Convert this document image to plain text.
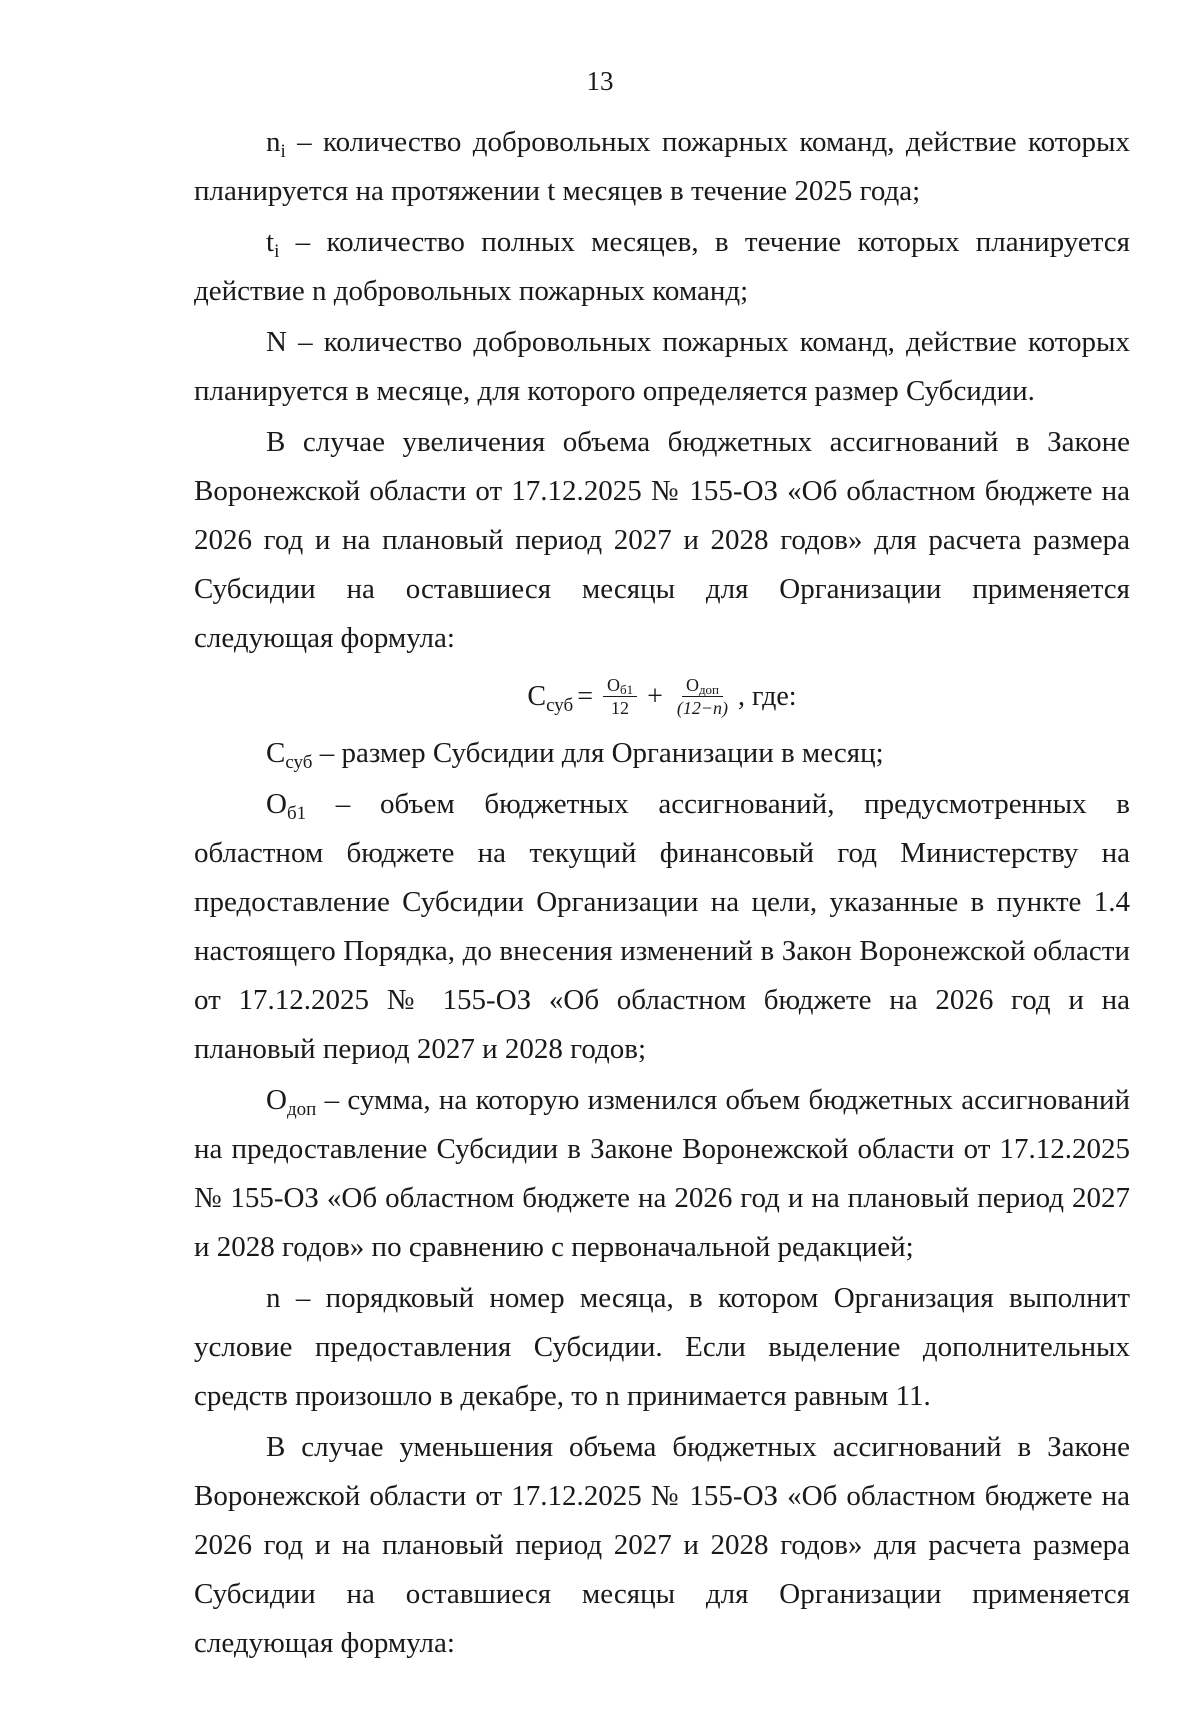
13

$n_i$ – количество добровольных пожарных команд, действие которых планируется на протяжении t месяцев в течение 2025 года;

$t_i$ – количество полных месяцев, в течение которых планируется действие n добровольных пожарных команд;

N – количество добровольных пожарных команд, действие которых планируется в месяце, для которого определяется размер Субсидии.

В случае увеличения объема бюджетных ассигнований в Законе Воронежской области от 17.12.2025 № 155-ОЗ «Об областном бюджете на 2026 год и на плановый период 2027 и 2028 годов» для расчета размера Субсидии на оставшиеся месяцы для Организации применяется следующая формула:

$С_{суб} = \frac{О_{б1}}{12} + \frac{О_{доп}}{(12-n)}$ , где:

$С_{суб}$ – размер Субсидии для Организации в месяц;

$О_{б1}$ – объем бюджетных ассигнований, предусмотренных в областном бюджете на текущий финансовый год Министерству на предоставление Субсидии Организации на цели, указанные в пункте 1.4 настоящего Порядка, до внесения изменений в Закон Воронежской области от 17.12.2025 № 155-ОЗ «Об областном бюджете на 2026 год и на плановый период 2027 и 2028 годов;

$О_{доп}$ – сумма, на которую изменился объем бюджетных ассигнований на предоставление Субсидии в Законе Воронежской области от 17.12.2025 № 155-ОЗ «Об областном бюджете на 2026 год и на плановый период 2027 и 2028 годов» по сравнению с первоначальной редакцией;

n – порядковый номер месяца, в котором Организация выполнит условие предоставления Субсидии. Если выделение дополнительных средств произошло в декабре, то n принимается равным 11.

В случае уменьшения объема бюджетных ассигнований в Законе Воронежской области от 17.12.2025 № 155-ОЗ «Об областном бюджете на 2026 год и на плановый период 2027 и 2028 годов» для расчета размера Субсидии на оставшиеся месяцы для Организации применяется следующая формула:
